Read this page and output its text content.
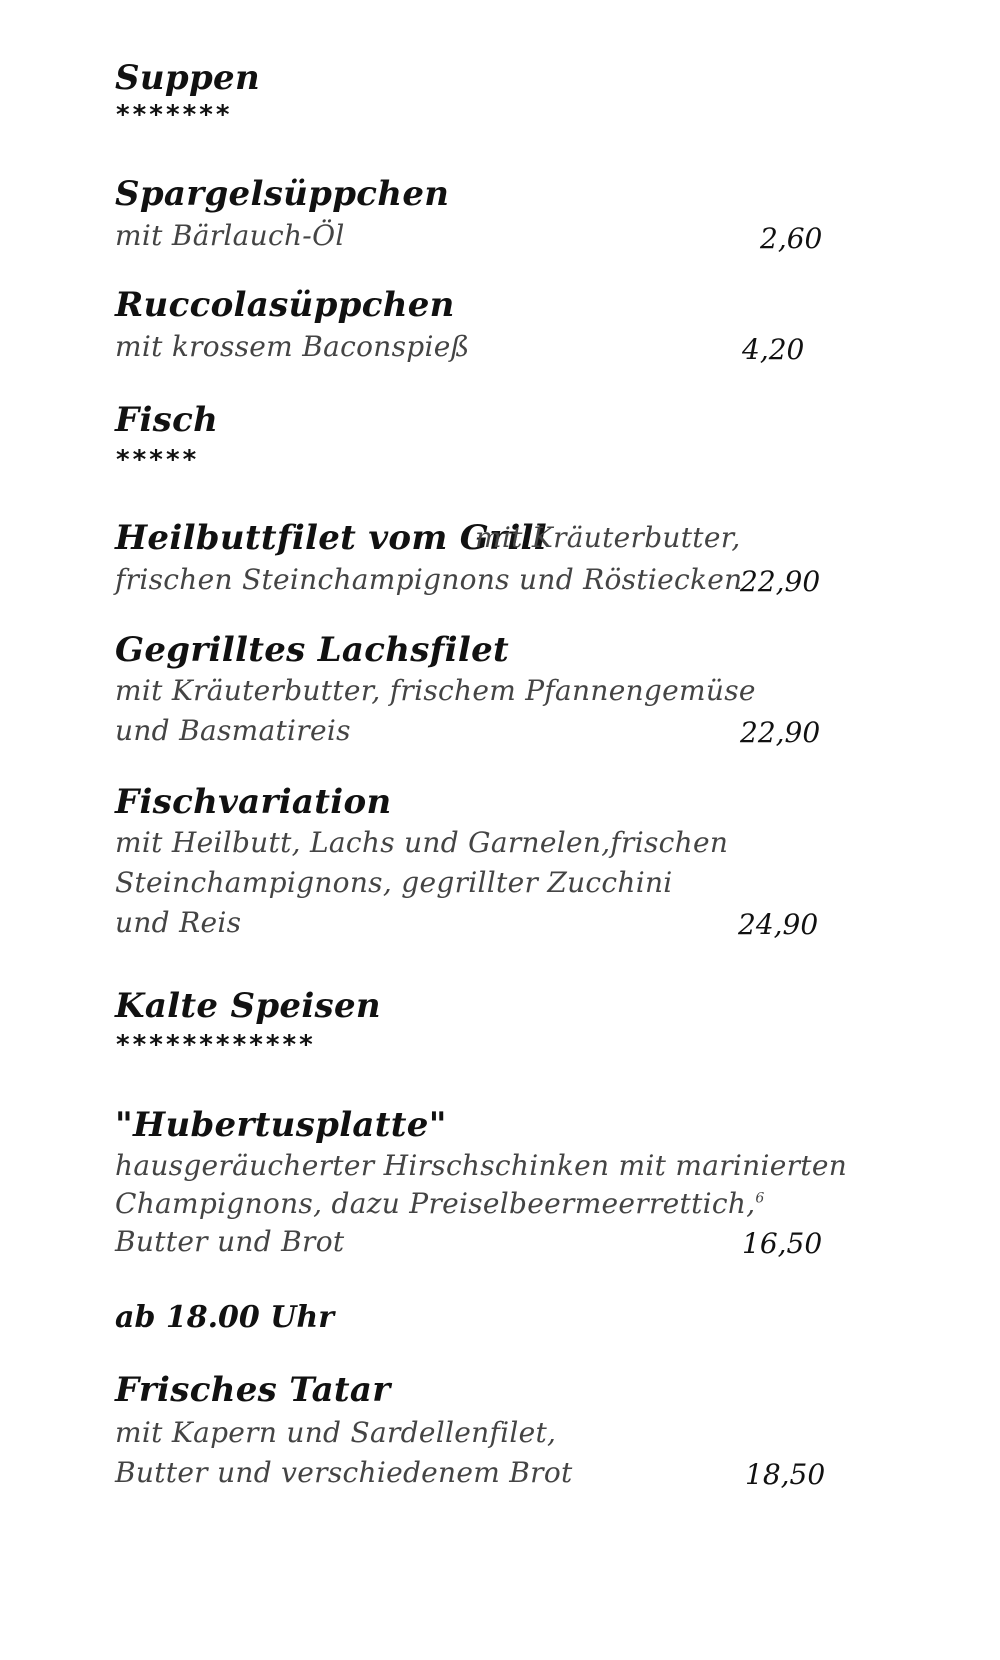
Suppen
*******
Spargelsüppchen
mit Bärlauch-Öl	2,60
Ruccolasüppchen
mit krossem Baconspieß	4,20
Fisch
*****
Heilbuttfilet vom Grill
mit Kräuterbutter,
frischen Steinchampignons und Röstiecken
22,90
Gegrilltes Lachsfilet
mit Kräuterbutter, frischem Pfannengemüse
und Basmatireis	22,90
Fischvariation
mit Heilbutt, Lachs und Garnelen,frischen
Steinchampignons, gegrillter Zucchini
und Reis	24,90
Kalte Speisen
************
"Hubertusplatte"
hausgeräucherter Hirschschinken mit marinierten
Champignons, dazu Preiselbeermeerrettich,$^6$
Butter und Brot	16,50
ab 18.00 Uhr
Frisches Tatar
mit Kapern und Sardellenfilet,
Butter und verschiedenem Brot	18,50
